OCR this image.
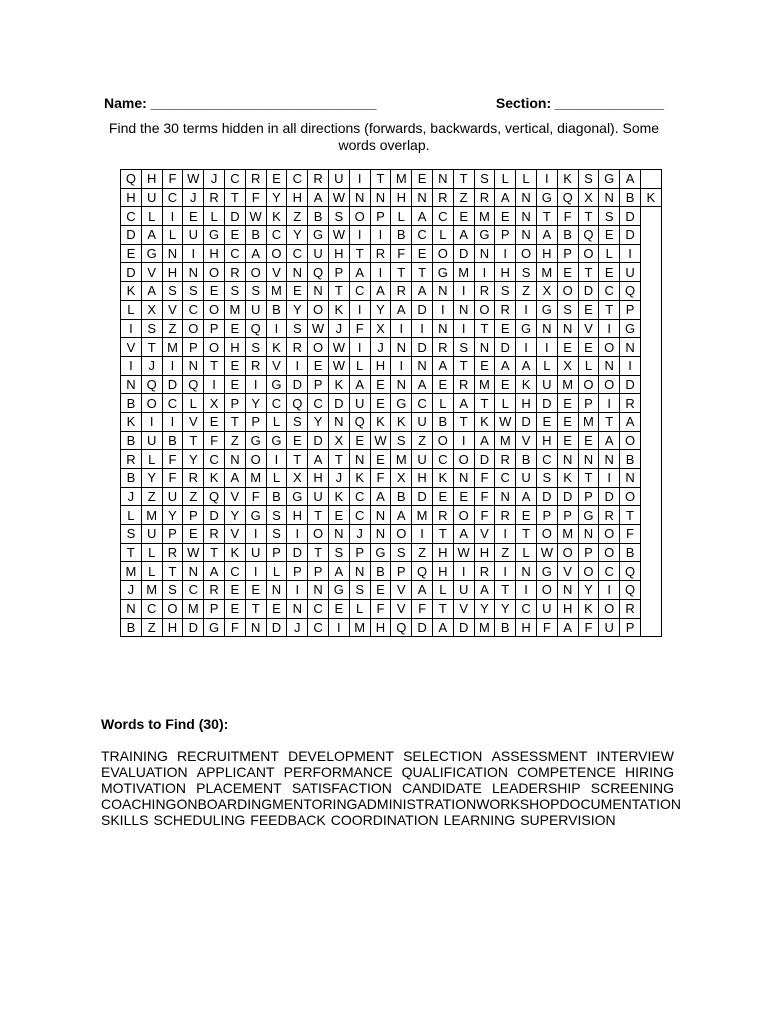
Name: _____________________________	Section: ______________
Find the 30 terms hidden in all directions (forwards, backwards, vertical, diagonal). Some words overlap.
Q	H	F	W	J	C	R	E	C	R	U	I	T	M	E	N	T	S	L	L	I	K	S	G	A	
H	U	C	J	R	T	F	Y	H	A	W	N	N	H	N	R	Z	R	A	N	G	Q	X	N	B	K
C	L	I	E	L	D	W	K	Z	B	S	O	P	L	A	C	E	M	E	N	T	F	T	S	D	
D	A	L	U	G	E	B	C	Y	G	W	I	I	B	C	L	A	G	P	N	A	B	Q	E	D	
E	G	N	I	H	C	A	O	C	U	H	T	R	F	E	O	D	N	I	O	H	P	O	L	I	
D	V	H	N	O	R	O	V	N	Q	P	A	I	T	T	G	M	I	H	S	M	E	T	E	U	
K	A	S	S	E	S	S	M	E	N	T	C	A	R	A	N	I	R	S	Z	X	O	D	C	Q	
L	X	V	C	O	M	U	B	Y	O	K	I	Y	A	D	I	N	O	R	I	G	S	E	T	P	
I	S	Z	O	P	E	Q	I	S	W	J	F	X	I	I	N	I	T	E	G	N	N	V	I	G	
V	T	M	P	O	H	S	K	R	O	W	I	J	N	D	R	S	N	D	I	I	E	E	O	N	
I	J	I	N	T	E	R	V	I	E	W	L	H	I	N	A	T	E	A	A	L	X	L	N	I	
N	Q	D	Q	I	E	I	G	D	P	K	A	E	N	A	E	R	M	E	K	U	M	O	O	D	
B	O	C	L	X	P	Y	C	Q	C	D	U	E	G	C	L	A	T	L	H	D	E	P	I	R	
K	I	I	V	E	T	P	L	S	Y	N	Q	K	K	U	B	T	K	W	D	E	E	M	T	A	
B	U	B	T	F	Z	G	G	E	D	X	E	W	S	Z	O	I	A	M	V	H	E	E	A	O	
R	L	F	Y	C	N	O	I	T	A	T	N	E	M	U	C	O	D	R	B	C	N	N	N	B	
B	Y	F	R	K	A	M	L	X	H	J	K	F	X	H	K	N	F	C	U	S	K	T	I	N	
J	Z	U	Z	Q	V	F	B	G	U	K	C	A	B	D	E	E	F	N	A	D	D	P	D	O	
L	M	Y	P	D	Y	G	S	H	T	E	C	N	A	M	R	O	F	R	E	P	P	G	R	T	
S	U	P	E	R	V	I	S	I	O	N	J	N	O	I	T	A	V	I	T	O	M	N	O	F	
T	L	R	W	T	K	U	P	D	T	S	P	G	S	Z	H	W	H	Z	L	W	O	P	O	B	
M	L	T	N	A	C	I	L	P	P	A	N	B	P	Q	H	I	R	I	N	G	V	O	C	Q	
J	M	S	C	R	E	E	N	I	N	G	S	E	V	A	L	U	A	T	I	O	N	Y	I	Q	
N	C	O	M	P	E	T	E	N	C	E	L	F	V	F	T	V	Y	Y	C	U	H	K	O	R	
B	Z	H	D	G	F	N	D	J	C	I	M	H	Q	D	A	D	M	B	H	F	A	F	U	P	
Words to Find (30):
TRAINING RECRUITMENT DEVELOPMENT SELECTION ASSESSMENT INTERVIEW
EVALUATION APPLICANT PERFORMANCE QUALIFICATION COMPETENCE HIRING
MOTIVATION PLACEMENT SATISFACTION CANDIDATE LEADERSHIP SCREENING
COACHING ONBOARDING MENTORING ADMINISTRATION WORKSHOP DOCUMENTATION
SKILLS SCHEDULING FEEDBACK COORDINATION LEARNING SUPERVISION
